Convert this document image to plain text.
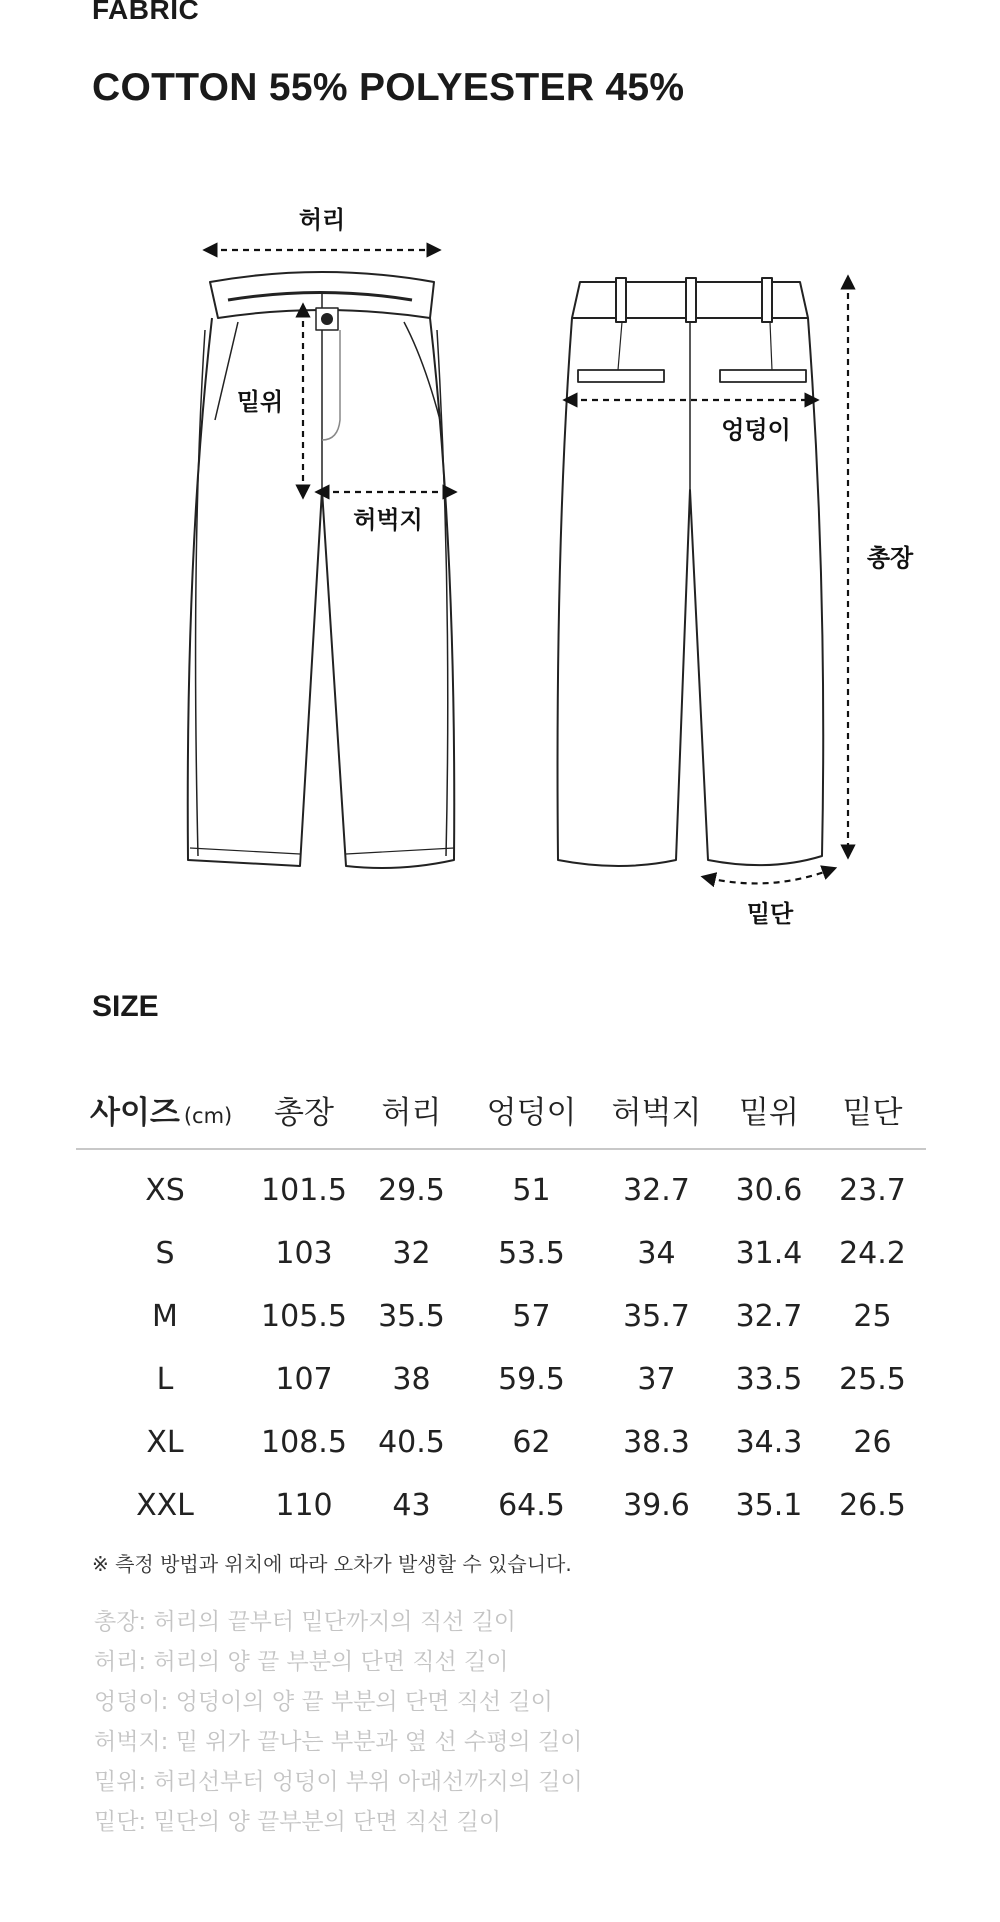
FABRIC
COTTON 55% POLYESTER 45%
허리
밑위
허벅지
엉덩이
총장
밑단
SIZE
사이즈 (cm)	총장	허리	엉덩이	허벅지	밑위	밑단
XS	101.5	29.5	51	32.7	30.6	23.7
S	103	32	53.5	34	31.4	24.2
M	105.5	35.5	57	35.7	32.7	25
L	107	38	59.5	37	33.5	25.5
XL	108.5	40.5	62	38.3	34.3	26
XXL	110	43	64.5	39.6	35.1	26.5
※ 측정 방법과 위치에 따라 오차가 발생할 수 있습니다.
총장: 허리의 끝부터 밑단까지의 직선 길이
허리: 허리의 양 끝 부분의 단면 직선 길이
엉덩이: 엉덩이의 양 끝 부분의 단면 직선 길이
허벅지: 밑 위가 끝나는 부분과 옆 선 수평의 길이
밑위: 허리선부터 엉덩이 부위 아래선까지의 길이
밑단: 밑단의 양 끝부분의 단면 직선 길이
